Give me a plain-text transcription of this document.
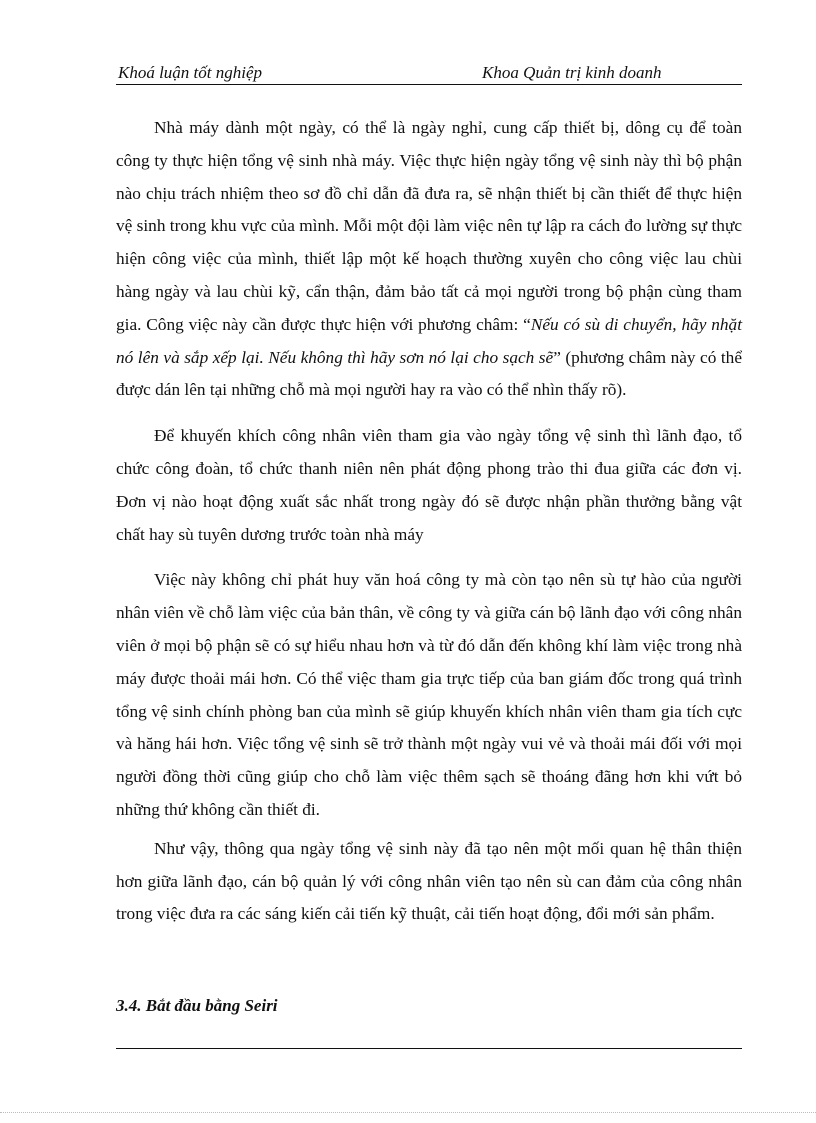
Khoá luận tốt nghiệp	Khoa Quản trị kinh doanh

Nhà máy dành một ngày, có thể là ngày nghỉ, cung cấp thiết bị, dông cụ để toàn công ty thực hiện tổng vệ sinh nhà máy. Việc thực hiện ngày tổng vệ sinh này thì bộ phận nào chịu trách nhiệm theo sơ đồ chỉ dẫn đã đưa ra, sẽ nhận thiết bị cần thiết để thực hiện vệ sinh trong khu vực của mình. Mỗi một đội làm việc nên tự lập ra cách đo lường sự thực hiện công việc của mình, thiết lập một kế hoạch thường xuyên cho công việc lau chùi hàng ngày và lau chùi kỹ, cẩn thận, đảm bảo tất cả mọi người trong bộ phận cùng tham gia. Công việc này cần được thực hiện với phương châm: “Nếu có sù di chuyển, hãy nhặt nó lên và sắp xếp lại. Nếu không thì hãy sơn nó lại cho sạch sẽ” (phương châm này có thể được dán lên tại những chỗ mà mọi người hay ra vào có thể nhìn thấy rõ).

Để khuyến khích công nhân viên tham gia vào ngày tổng vệ sinh thì lãnh đạo, tổ chức công đoàn, tổ chức thanh niên nên phát động phong trào thi đua giữa các đơn vị. Đơn vị nào hoạt động xuất sắc nhất trong ngày đó sẽ được nhận phần thưởng bằng vật chất hay sù tuyên dương trước toàn nhà máy

Việc này không chỉ phát huy văn hoá công ty mà còn tạo nên sù tự hào của người nhân viên về chỗ làm việc của bản thân, về công ty và giữa cán bộ lãnh đạo với công nhân viên ở mọi bộ phận sẽ có sự hiểu nhau hơn và từ đó dẫn đến không khí làm việc trong nhà máy được thoải mái hơn. Có thể việc tham gia trực tiếp của ban giám đốc trong quá trình tổng vệ sinh chính phòng ban của mình sẽ giúp khuyến khích nhân viên tham gia tích cực và hăng hái hơn. Việc tổng vệ sinh sẽ trở thành một ngày vui vẻ và thoải mái đối với mọi người đồng thời cũng giúp cho chỗ làm việc thêm sạch sẽ thoáng đãng hơn khi vứt bỏ những thứ không cần thiết đi.

Như vậy, thông qua ngày tổng vệ sinh này đã tạo nên một mối quan hệ thân thiện hơn giữa lãnh đạo, cán bộ quản lý với công nhân viên tạo nên sù can đảm của công nhân trong việc đưa ra các sáng kiến cải tiến kỹ thuật, cải tiến hoạt động, đổi mới sản phẩm.

3.4. Bắt đầu bằng Seiri
